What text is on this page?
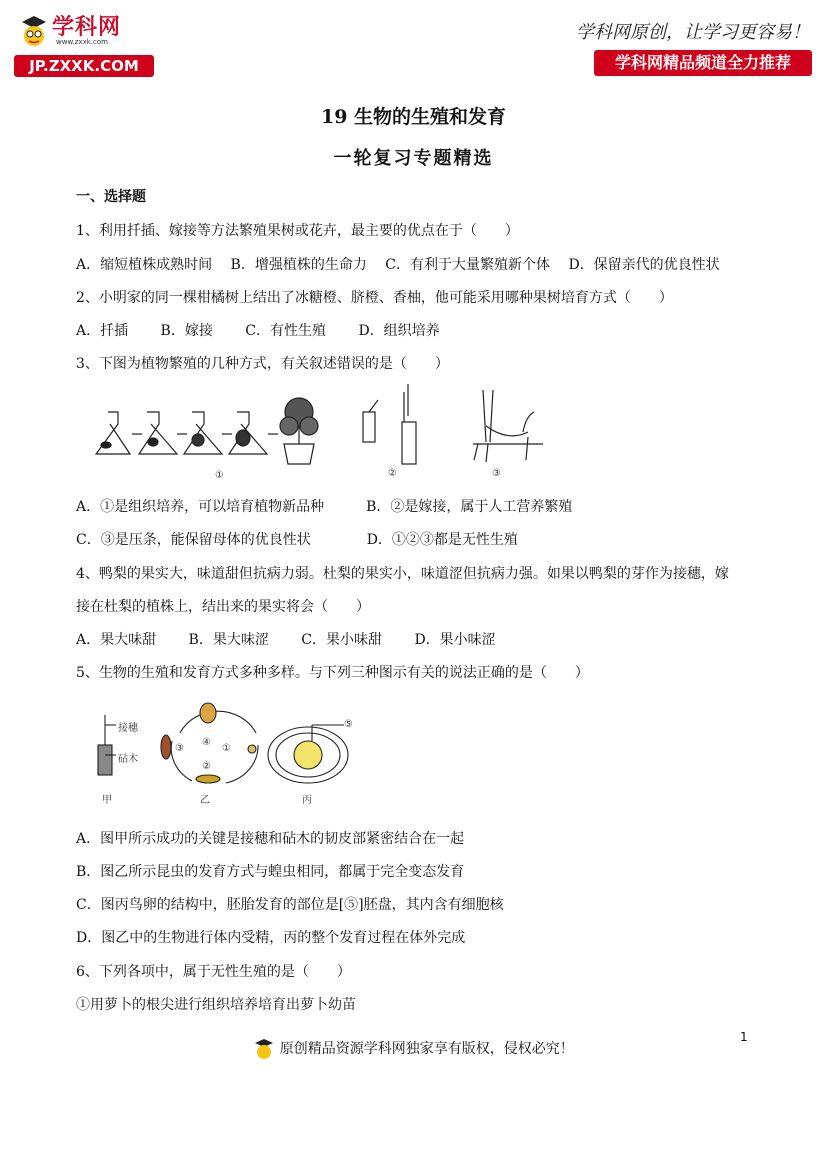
学科网
www.zxxk.com
JP.ZXXK.COM
学科网原创，让学习更容易！
学科网精品频道全力推荐
19 生物的生殖和发育
一轮复习专题精选
一、选择题
1、利用扦插、嫁接等方法繁殖果树或花卉，最主要的优点在于（　　）
A．缩短植株成熟时间　 B．增强植株的生命力　 C．有利于大量繁殖新个体　 D．保留亲代的优良性状
2、小明家的同一棵柑橘树上结出了冰糖橙、脐橙、香柚，他可能采用哪种果树培育方式（　　）
A．扦插　　 B．嫁接　　 C．有性生殖　　 D．组织培养
3、下图为植物繁殖的几种方式，有关叙述错误的是（　　）
①	②	③
A．①是组织培养，可以培育植物新品种　　　B．②是嫁接，属于人工营养繁殖
C．③是压条，能保留母体的优良性状　　　　D．①②③都是无性生殖
4、鸭梨的果实大，味道甜但抗病力弱。杜梨的果实小，味道涩但抗病力强。如果以鸭梨的芽作为接穗，嫁
接在杜梨的植株上，结出来的果实将会（　　）
A．果大味甜　　 B．果大味涩　　 C．果小味甜　　 D．果小味涩
5、生物的生殖和发育方式多种多样。与下列三种图示有关的说法正确的是（　　）
接穗
砧木
④
③	①
②
⑤
甲	乙	丙
A．图甲所示成功的关键是接穗和砧木的韧皮部紧密结合在一起
B．图乙所示昆虫的发育方式与蝗虫相同，都属于完全变态发育
C．图丙鸟卵的结构中，胚胎发育的部位是[⑤]胚盘，其内含有细胞核
D．图乙中的生物进行体内受精，丙的整个发育过程在体外完成
6、下列各项中，属于无性生殖的是（　　）
①用萝卜的根尖进行组织培养培育出萝卜幼苗
1
原创精品资源学科网独家享有版权，侵权必究！
